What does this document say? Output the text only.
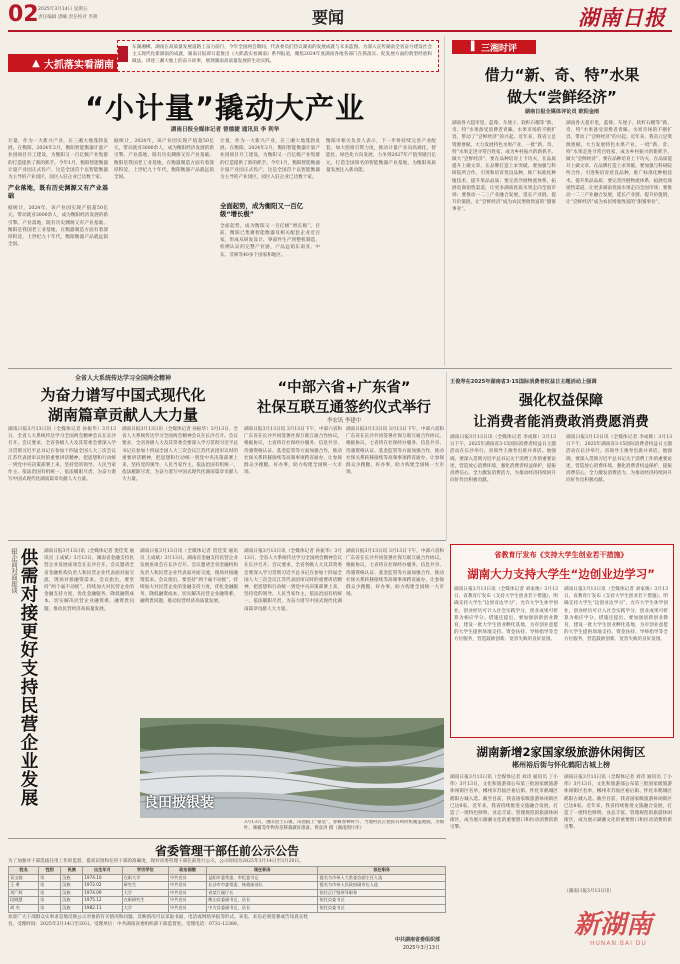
02 2025年3月14日 星期五
责任编辑 唐曦 责任校对 李燕	要闻	湖南日报
▲ 大抓落实看湖南
东湖湘郴，湖南在高质量发展道路上奋力前行，今年全国两会期间，代表委员们热议湖南的发展成就与未来蓝图。为深入宣传湖南全省奋力建设社会主义现代化新湖南的成就，湖南日报即日起推出《大抓落实看湖南》系列报道，聚焦2024年度湖南各地各部门在抓落实、促发展方面的典型经验和做法，讲述三湘大地上的奋斗故事，展现湖南高质量发展的生动实践。
“小计量”撬动大产业
湖南日报全媒体记者 曾德捷 通讯员 李 利华
计量，作为一大新兴产业，在三湘大地蓬勃发展。在衡阳，2024年2月，衡阳智能衡器计量产业园项目开工建设，为衡阳又一百亿级产业集群的打造提供了新的抓手。今年1月，衡阳智能衡器计量产业园正式投产，这是全国首个以智能衡器为主导的产业园区，园区入驻企业已达数十家。
产业落地，既有历史渊源又有产业基础
据统计，2024年，该产业园实现产值超50亿元，带动就业3000余人，成为衡阳经济发展的新引擎。产业落地，既有历史渊源又有产业基础。衡阳是我国老工业基地，在衡器制造方面有着深厚积淀，上世纪九十年代，衡阳衡器产品就远销全国。
据统计，2024年，该产业园实现产值超50亿元，带动就业3000余人，成为衡阳经济发展的新引擎。产业落地，既有历史渊源又有产业基础。衡阳是我国老工业基地，在衡器制造方面有着深厚积淀，上世纪九十年代，衡阳衡器产品就远销全国。
计量，作为一大新兴产业，在三湘大地蓬勃发展。在衡阳，2024年2月，衡阳智能衡器计量产业园项目开工建设，为衡阳又一百亿级产业集群的打造提供了新的抓手。今年1月，衡阳智能衡器计量产业园正式投产，这是全国首个以智能衡器为主导的产业园区，园区入驻企业已达数十家。
全面起势，成为衡阳又一百亿级“增长极”
全面起势，成为衡阳又一百亿级“增长极”。目前，衡阳已集聚智能衡器及相关配套企业近百家，形成从研发设计、零部件生产到整机制造、检测认证的完整产业链，产品远销东南亚、中东、非洲等40多个国家和地区。
衡阳市相关负责人表示，下一步将持续完善产业配套，加大招商引资力度，推动计量产业向高端化、智能化、绿色化方向发展，力争到2027年产值突破百亿元，打造全国知名的智能衡器产业基地，为衡阳高质量发展注入新动能。
▌ 三湘时评
借力“新、奇、特”水果
做大“尝鲜经济”
湖南日报全媒体评论员 欧阳金雨
湖南各大超市里，蓝莓、车厘子、软籽石榴等“新、奇、特”水果备受消费者青睐。水果市场的不断扩容，带动了“尝鲜经济”的兴起。近年来，我省立足资源禀赋，大力发展特色水果产业，一批“新、奇、特”水果走进寻常百姓家，成为乡村振兴的新抓手。做大“尝鲜经济”，要在品种培育上下功夫，在品质提升上做文章，在品牌打造上求突破。要加强与科研院所合作，引进和培育优良品种，推广标准化种植技术，提升果品品质；要完善冷链物流体系，拓展电商销售渠道，让更多湖南优质水果走向全国市场；要推动一二三产业融合发展，延长产业链、提升价值链，让“尝鲜经济”成为农民增收致富的“甜蜜事业”。
湖南各大超市里，蓝莓、车厘子、软籽石榴等“新、奇、特”水果备受消费者青睐。水果市场的不断扩容，带动了“尝鲜经济”的兴起。近年来，我省立足资源禀赋，大力发展特色水果产业，一批“新、奇、特”水果走进寻常百姓家，成为乡村振兴的新抓手。做大“尝鲜经济”，要在品种培育上下功夫，在品质提升上做文章，在品牌打造上求突破。要加强与科研院所合作，引进和培育优良品种，推广标准化种植技术，提升果品品质；要完善冷链物流体系，拓展电商销售渠道，让更多湖南优质水果走向全国市场；要推动一二三产业融合发展，延长产业链、提升价值链，让“尝鲜经济”成为农民增收致富的“甜蜜事业”。
全省人大系统传达学习全国两会精神
为奋力谱写中国式现代化
湖南篇章贡献人大力量
湖南日报3月13日讯（全媒体记者 孙振华）3月13日，全省人大系统传达学习全国两会精神会议在长沙召开。会议要求，全省各级人大及其常委会要深入学习贯彻习近平总书记在参加十四届全国人大三次会议江苏代表团审议时的重要讲话精神，把思想和行动统一到党中央决策部署上来，坚持党的领导、人民当家作主、依法治国有机统一，依法履职尽责，为奋力谱写中国式现代化湖南篇章贡献人大力量。
湖南日报3月13日讯（全媒体记者 孙振华）3月13日，全省人大系统传达学习全国两会精神会议在长沙召开。会议要求，全省各级人大及其常委会要深入学习贯彻习近平总书记在参加十四届全国人大三次会议江苏代表团审议时的重要讲话精神，把思想和行动统一到党中央决策部署上来，坚持党的领导、人民当家作主、依法治国有机统一，依法履职尽责，为奋力谱写中国式现代化湖南篇章贡献人大力量。
“中部六省+广东省”
社保互联互通签约仪式举行
李宏讯 李建中
湖南日报3月13日讯 3月13日下午，中部六省和广东省在长沙共同签署社保互联互通合作协议。根据协议，七省将在社保经办服务、信息共享、待遇资格认证、基金监管等方面加强合作，推动社保关系转移接续等高频事项跨省通办，让参保群众少跑腿、好办事，助力构建全国统一大市场。
湖南日报3月13日讯 3月13日下午，中部六省和广东省在长沙共同签署社保互联互通合作协议。根据协议，七省将在社保经办服务、信息共享、待遇资格认证、基金监管等方面加强合作，推动社保关系转移接续等高频事项跨省通办，让参保群众少跑腿、好办事，助力构建全国统一大市场。
王俊寿在2025年湖南省3·15国际消费者权益日主题活动上强调
强化权益保障
让消费者能消费敢消费愿消费
湖南日报3月13日讯（全媒体记者 李成辉）3月13日下午，2025年湖南省3·15国际消费者权益日主题活动在长沙举行。省领导王俊寿出席并讲话。他强调，要深入贯彻习近平总书记关于消费工作的重要论述，营造放心消费环境，强化消费者权益保护，提振消费信心，全力激发消费活力，为推动经济持续回升向好作出积极贡献。
湖南日报3月13日讯（全媒体记者 李成辉）3月13日下午，2025年湖南省3·15国际消费者权益日主题活动在长沙举行。省领导王俊寿出席并讲话。他强调，要深入贯彻习近平总书记关于消费工作的重要论述，营造放心消费环境，强化消费者权益保护，提振消费信心，全力激发消费活力，为推动经济持续回升向好作出积极贡献。
银企面对面座谈 供需对接更好支持民营企业发展 湖南日报3月13日讯（全媒体记者 贺佳雯 通讯员 王成斌）3月13日，湖南省金融支持民营企业发展座谈会在长沙召开。会议邀请全省金融机构负责人和民营企业代表面对面交流，现场对接融资需求。会议指出，要坚持“两个毫不动摇”，持续加大对民营企业的金融支持力度，优化金融服务，降低融资成本，切实解决民营企业融资难、融资贵问题，推动民营经济高质量发展。
湖南日报3月13日讯（全媒体记者 贺佳雯 通讯员 王成斌）3月13日，湖南省金融支持民营企业发展座谈会在长沙召开。会议邀请全省金融机构负责人和民营企业代表面对面交流，现场对接融资需求。会议指出，要坚持“两个毫不动摇”，持续加大对民营企业的金融支持力度，优化金融服务，降低融资成本，切实解决民营企业融资难、融资贵问题，推动民营经济高质量发展。
湖南日报3月13日讯（全媒体记者 孙振华）3月13日，全省人大系统传达学习全国两会精神会议在长沙召开。会议要求，全省各级人大及其常委会要深入学习贯彻习近平总书记在参加十四届全国人大三次会议江苏代表团审议时的重要讲话精神，把思想和行动统一到党中央决策部署上来，坚持党的领导、人民当家作主、依法治国有机统一，依法履职尽责，为奋力谱写中国式现代化湖南篇章贡献人大力量。
湖南日报3月13日讯 3月13日下午，中部六省和广东省在长沙共同签署社保互联互通合作协议。根据协议，七省将在社保经办服务、信息共享、待遇资格认证、基金监管等方面加强合作，推动社保关系转移接续等高频事项跨省通办，让参保群众少跑腿、好办事，助力构建全国统一大市场。
良田披银装
3月13日，遵山县土石镇，田园披上“银装”，春耕春种时节，当地村民正抢抓有利时机覆盖地膜，为烟叶、辣椒等作物育苗移栽做好准备。黄彦涛 摄（湖南图片库）
省教育厅发布《支持大学生创业若干措施》
湖南大力支持大学生“边创业边学习”
湖南日报3月13日讯（全媒体记者 刘家俊）3月13日，省教育厅发布《支持大学生创业若干措施》，明确支持大学生“边创业边学习”，允许大学生休学创业，创业经历可计入社会实践学分，创业成果可折算为相应学分。措施还提出，要加强创新创业教育，建设一批大学生创业孵化基地，为有创业意愿的大学生提供场地支持、资金扶持、导师指导等全方位服务，营造鼓励创新、宽容失败的良好氛围。
湖南日报3月13日讯（全媒体记者 刘家俊）3月13日，省教育厅发布《支持大学生创业若干措施》，明确支持大学生“边创业边学习”，允许大学生休学创业，创业经历可计入社会实践学分，创业成果可折算为相应学分。措施还提出，要加强创新创业教育，建设一批大学生创业孵化基地，为有创业意愿的大学生提供场地支持、资金扶持、导师指导等全方位服务，营造鼓励创新、宽容失败的良好氛围。
湖南新增2家国家级旅游休闲街区
郴州裕后街与怀化鹤阳古城上榜
湖南日报3月13日讯（全媒体记者 刘诗 通讯员 丁小伟）3月13日，文化和旅游部公布第三批国家级旅游休闲街区名单，郴州市苏仙区裕后街、怀化市鹤城区鹤阳古城入选。截至目前，我省国家级旅游休闲街区已达8家。近年来，我省持续推进文旅融合发展，打造了一批特色鲜明、业态丰富、管理规范的旅游休闲街区，成为展示湖湘文化的重要窗口和拉动消费的新引擎。
湖南日报3月13日讯（全媒体记者 刘诗 通讯员 丁小伟）3月13日，文化和旅游部公布第三批国家级旅游休闲街区名单，郴州市苏仙区裕后街、怀化市鹤城区鹤阳古城入选。截至目前，我省国家级旅游休闲街区已达8家。近年来，我省持续推进文旅融合发展，打造了一批特色鲜明、业态丰富、管理规范的旅游休闲街区，成为展示湖湘文化的重要窗口和拉动消费的新引擎。
省委管理干部任前公示公告
为了加强对干部选拔任用工作的监督，提高识别和任用干部的准确度，现对省委管理干部任前进行公示，公示时间为2025年3月14日至3月20日。
姓名	性别	民族	出生年月	学历学位	政治面貌	现任职务	拟任职务
袁文骏	男	汉族	1974.10	在职大学	中共党员	益阳市委常委、市纪委书记	提名为市州人大常委会副主任人选
王 勇	男	汉族	1972.02	研究生	中共党员	长沙市市委常委、统战部部长	提名为市州人民政府副市长人选
刘广辉	男	汉族	1974.09	大学	中共党员	省某厅副厅长	拟任正厅级领导职务
段晓慧	男	汉族	1975.12	在职研究生	中共党员	衡山县委副书记、县长	拟任县委书记
胡 杰	男	汉族	1982.11	大学	中共党员	中方县委副书记、县长	拟任县委书记
欢迎广大干部群众实事求是地反映公示对象的有关情况和问题。反映情况可以采取书面、电话或网络举报等形式。来电、来信必须签署或告知真实姓名。受理时间：2025年3月14日至20日。受理单位：中共湖南省委组织部干部监督处。受理电话：0731-12380。
中共湖南省委组织部
2025年3月13日
（湖南日报3月13日讯）
新湖南
HUNAN.BAI DU
